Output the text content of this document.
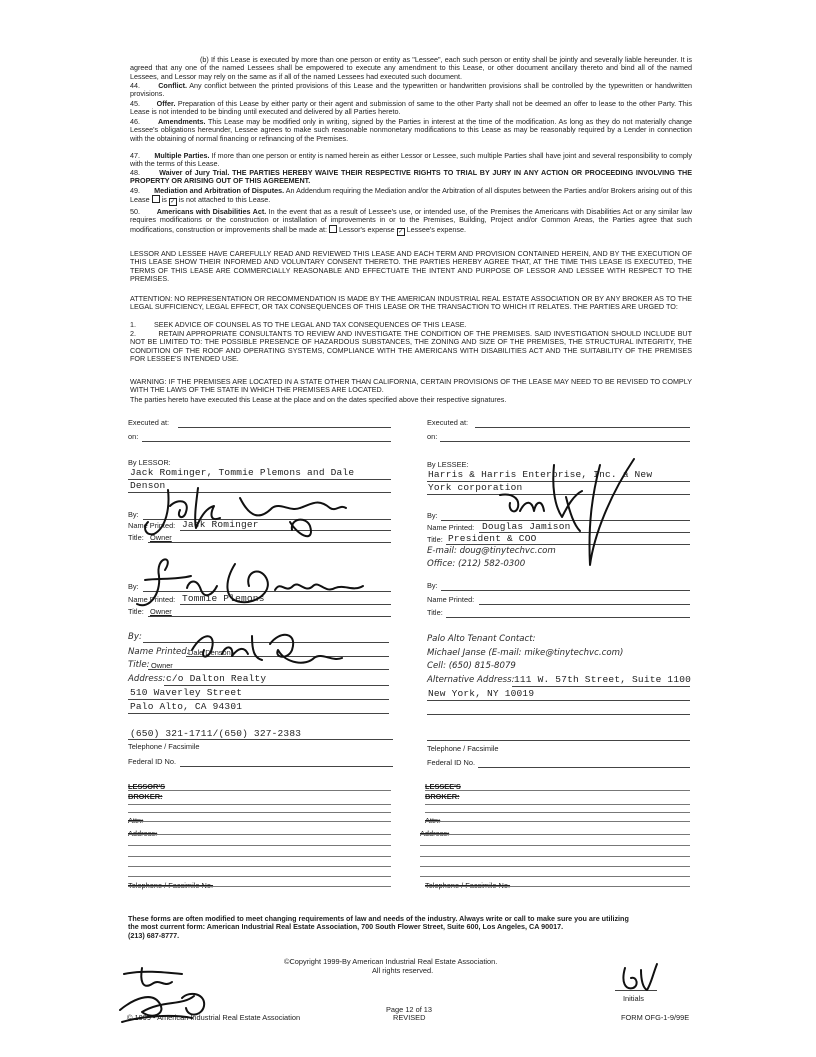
(b) If this Lease is executed by more than one person or entity as "Lessee", each such person or entity shall be jointly and severally liable hereunder. It is agreed that any one of the named Lessees shall be empowered to execute any amendment to this Lease, or other document ancillary thereto and bind all of the named Lessees, and Lessor may rely on the same as if all of the named Lessees had executed such document.
44.	Conflict. Any conflict between the printed provisions of this Lease and the typewritten or handwritten provisions shall be controlled by the typewritten or handwritten provisions.
45. Offer. Preparation of this Lease by either party or their agent and submission of same to the other Party shall not be deemed an offer to lease to the other Party. This Lease is not intended to be binding until executed and delivered by all Parties hereto.
46. Amendments. This Lease may be modified only in writing, signed by the Parties in interest at the time of the modification. As long as they do not materially change Lessee's obligations hereunder, Lessee agrees to make such reasonable nonmonetary modifications to this Lease as may be reasonably required by a Lender in connection with the obtaining of normal financing or refinancing of the Premises.
47. Multiple Parties. If more than one person or entity is named herein as either Lessor or Lessee, such multiple Parties shall have joint and several responsibility to comply with the terms of this Lease.
48.	Waiver of Jury Trial. THE PARTIES HEREBY WAIVE THEIR RESPECTIVE RIGHTS TO TRIAL BY JURY IN ANY ACTION OR PROCEEDING INVOLVING THE PROPERTY OR ARISING OUT OF THIS AGREEMENT.
49. Mediation and Arbitration of Disputes. An Addendum requiring the Mediation and/or the Arbitration of all disputes between the Parties and/or Brokers arising out of this Lease is ✓ is not attached to this Lease.
50. Americans with Disabilities Act. In the event that as a result of Lessee's use, or intended use, of the Premises the Americans with Disabilities Act or any similar law requires modifications or the construction or installation of improvements in or to the Premises, Building, Project and/or Common Areas, the Parties agree that such modifications, construction or improvements shall be made at: Lessor's expense ✓ Lessee's expense.
LESSOR AND LESSEE HAVE CAREFULLY READ AND REVIEWED THIS LEASE AND EACH TERM AND PROVISION CONTAINED HEREIN, AND BY THE EXECUTION OF THIS LEASE SHOW THEIR INFORMED AND VOLUNTARY CONSENT THERETO. THE PARTIES HEREBY AGREE THAT, AT THE TIME THIS LEASE IS EXECUTED, THE TERMS OF THIS LEASE ARE COMMERCIALLY REASONABLE AND EFFECTUATE THE INTENT AND PURPOSE OF LESSOR AND LESSEE WITH RESPECT TO THE PREMISES.
ATTENTION: NO REPRESENTATION OR RECOMMENDATION IS MADE BY THE AMERICAN INDUSTRIAL REAL ESTATE ASSOCIATION OR BY ANY BROKER AS TO THE LEGAL SUFFICIENCY, LEGAL EFFECT, OR TAX CONSEQUENCES OF THIS LEASE OR THE TRANSACTION TO WHICH IT RELATES. THE PARTIES ARE URGED TO:
1. SEEK ADVICE OF COUNSEL AS TO THE LEGAL AND TAX CONSEQUENCES OF THIS LEASE.
2.	RETAIN APPROPRIATE CONSULTANTS TO REVIEW AND INVESTIGATE THE CONDITION OF THE PREMISES. SAID INVESTIGATION SHOULD INCLUDE BUT NOT BE LIMITED TO: THE POSSIBLE PRESENCE OF HAZARDOUS SUBSTANCES, THE ZONING AND SIZE OF THE PREMISES, THE STRUCTURAL INTEGRITY, THE CONDITION OF THE ROOF AND OPERATING SYSTEMS, COMPLIANCE WITH THE AMERICANS WITH DISABILITIES ACT AND THE SUITABILITY OF THE PREMISES FOR LESSEE'S INTENDED USE.
WARNING: IF THE PREMISES ARE LOCATED IN A STATE OTHER THAN CALIFORNIA, CERTAIN PROVISIONS OF THE LEASE MAY NEED TO BE REVISED TO COMPLY WITH THE LAWS OF THE STATE IN WHICH THE PREMISES ARE LOCATED.
The parties hereto have executed this Lease at the place and on the dates specified above their respective signatures.
Executed at:
on:
By LESSOR:
Jack Rominger, Tommie Plemons and Dale
Denson
By:
Name Printed: Jack Rominger
Title: Owner
By:
Name Printed: Tommie Plemons
Title: Owner
By:
Name Printed:
Dale Denson
Title: Owner
Address: c/o Dalton Realty
510 Waverley Street
Palo Alto, CA 94301
(650) 321-1711/(650) 327-2383
Telephone / Facsimile
Federal ID No.
Executed at:
on:
By LESSEE:
Harris & Harris Enterprise, Inc. a New
York corporation
By:
Name Printed: Douglas Jamison
Title: President & COO
E-mail: doug@tinytechvc.com
Office: (212) 582-0300
By:
Name Printed:
Title:
Palo Alto Tenant Contact:
Michael Janse (E-mail: mike@tinytechvc.com)
Cell: (650) 815-8079
Alternative Address: 111 W. 57th Street, Suite 1100
New York, NY 10019
Telephone / Facsimile
Federal ID No.
LESSOR'S
BROKER:
Attn:
Address:
Telephone / Facsimile No.
LESSEE'S
BROKER:
Attn:
Address:
Telephone / Facsimile No.
These forms are often modified to meet changing requirements of law and needs of the industry. Always write or call to make sure you are utilizing
the most current form: American Industrial Real Estate Association, 700 South Flower Street, Suite 600, Los Angeles, CA 90017.
(213) 687-8777.
©Copyright 1999-By American Industrial Real Estate Association.
All rights reserved.
Initials
© 1999 - American Industrial Real Estate Association
Page 12 of 13
REVISED	FORM OFG-1-9/99E
